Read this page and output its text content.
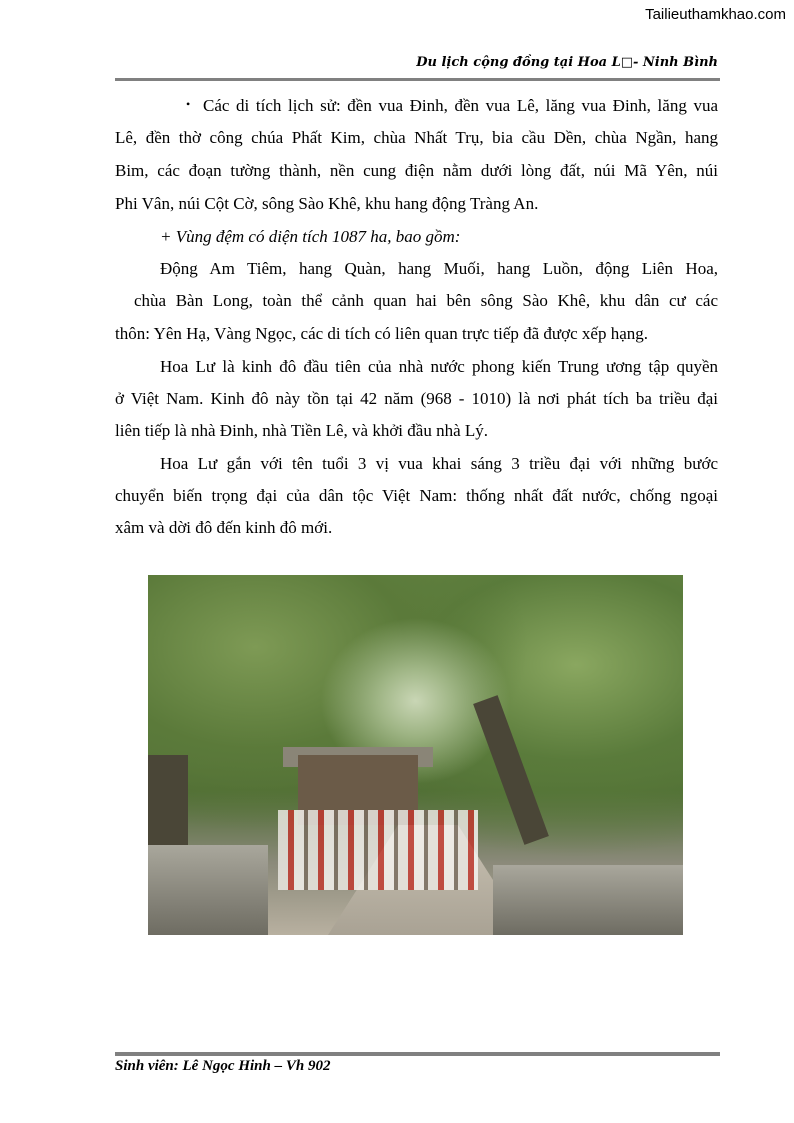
Tailieuthamkhao.com
Du lịch cộng đồng tại Hoa L□- Ninh Bình
• Các di tích lịch sử: đền vua Đinh, đền vua Lê, lăng vua Đinh, lăng vua
Lê, đền thờ công chúa Phất Kim, chùa Nhất Trụ, bia cầu Dền, chùa Ngần, hang
Bim, các đoạn tường thành, nền cung điện nằm dưới lòng đất, núi Mã Yên, núi
Phi Vân, núi Cột Cờ, sông Sào Khê, khu hang động Tràng An.
+ Vùng đệm có diện tích 1087 ha, bao gồm:
Động Am Tiêm, hang Quàn, hang Muối, hang Luồn, động Liên Hoa,
chùa Bàn Long, toàn thể cảnh quan hai bên sông Sào Khê, khu dân cư các
thôn: Yên Hạ, Vàng Ngọc, các di tích có liên quan trực tiếp đã được xếp hạng.
Hoa Lư là kinh đô đầu tiên của nhà nước phong kiến Trung ương tập quyền
ở Việt Nam. Kinh đô này tồn tại 42 năm (968 - 1010) là nơi phát tích ba triều đại
liên tiếp là nhà Đinh, nhà Tiền Lê, và khởi đầu nhà Lý.
Hoa Lư gắn với tên tuổi 3 vị vua khai sáng 3 triều đại với những bước
chuyển biến trọng đại của dân tộc Việt Nam: thống nhất đất nước, chống ngoại
xâm và dời đô đến kinh đô mới.
Sinh viên: Lê Ngọc Hinh – Vh 902
